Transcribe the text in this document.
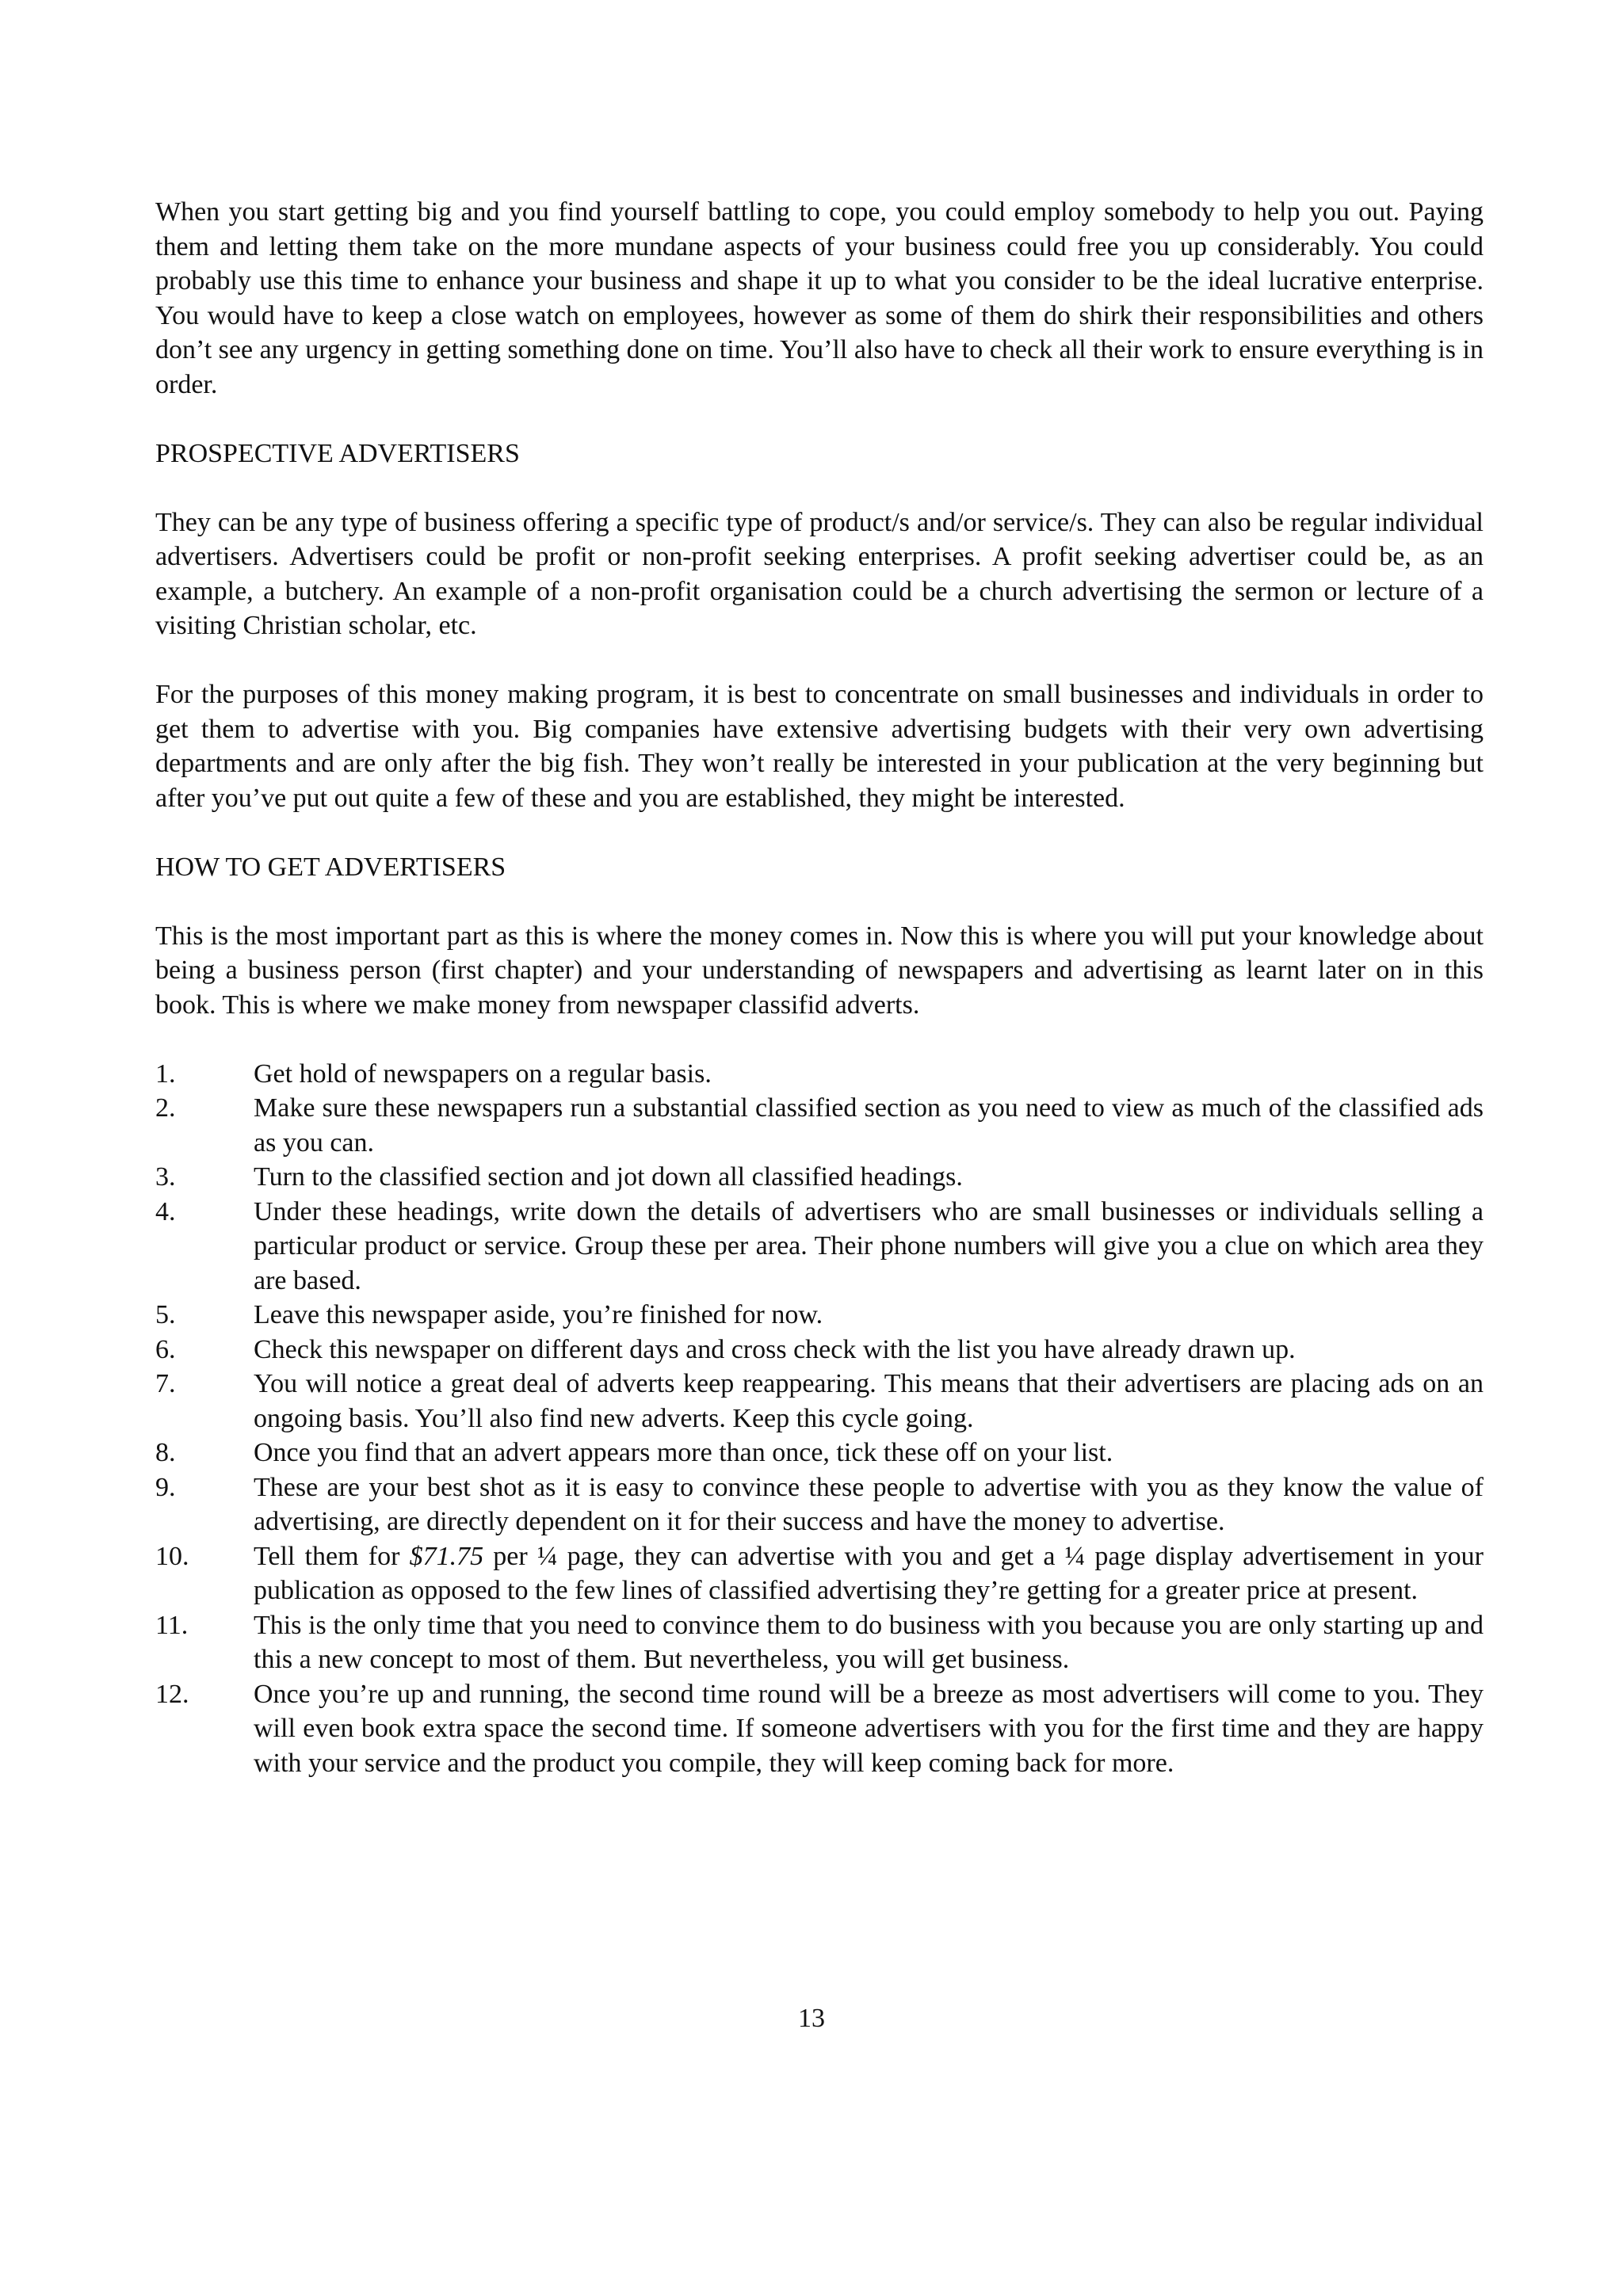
When you start getting big and you find yourself battling to cope, you could employ somebody to help you out. Paying them and letting them take on the more mundane aspects of your business could free you up considerably. You could probably use this time to enhance your business and shape it up to what you consider to be the ideal lucrative enterprise. You would have to keep a close watch on employees, however as some of them do shirk their responsibilities and others don’t see any urgency in getting something done on time. You’ll also have to check all their work to ensure everything is in order.

PROSPECTIVE ADVERTISERS

They can be any type of business offering a specific type of product/s and/or service/s. They can also be regular individual advertisers. Advertisers could be profit or non-profit seeking enterprises. A profit seeking advertiser could be, as an example, a butchery. An example of a non-profit organisation could be a church advertising the sermon or lecture of a visiting Christian scholar, etc.

For the purposes of this money making program, it is best to concentrate on small businesses and individuals in order to get them to advertise with you. Big companies have extensive advertising budgets with their very own advertising departments and are only after the big fish. They won’t really be interested in your publication at the very beginning but after you’ve put out quite a few of these and you are established, they might be interested.

HOW TO GET ADVERTISERS

This is the most important part as this is where the money comes in. Now this is where you will put your knowledge about being a business person (first chapter) and your understanding of newspapers and advertising as learnt later on in this book. This is where we make money from newspaper classifid adverts.

1.	Get hold of newspapers on a regular basis.
2.	Make sure these newspapers run a substantial classified section as you need to view as much of the classified ads as you can.
3.	Turn to the classified section and jot down all classified headings.
4.	Under these headings, write down the details of advertisers who are small businesses or individuals selling a particular product or service. Group these per area. Their phone numbers will give you a clue on which area they are based.
5.	Leave this newspaper aside, you’re finished for now.
6.	Check this newspaper on different days and cross check with the list you have already drawn up.
7.	You will notice a great deal of adverts keep reappearing. This means that their advertisers are placing ads on an ongoing basis. You’ll also find new adverts. Keep this cycle going.
8.	Once you find that an advert appears more than once, tick these off on your list.
9.	These are your best shot as it is easy to convince these people to advertise with you as they know the value of advertising, are directly dependent on it for their success and have the money to advertise.
10.	Tell them for $71.75 per ¼ page, they can advertise with you and get a ¼ page display advertisement in your publication as opposed to the few lines of classified advertising they’re getting for a greater price at present.
11.	This is the only time that you need to convince them to do business with you because you are only starting up and this a new concept to most of them. But nevertheless, you will get business.
12.	Once you’re up and running, the second time round will be a breeze as most advertisers will come to you. They will even book extra space the second time. If someone advertisers with you for the first time and they are happy with your service and the product you compile, they will keep coming back for more.
13
